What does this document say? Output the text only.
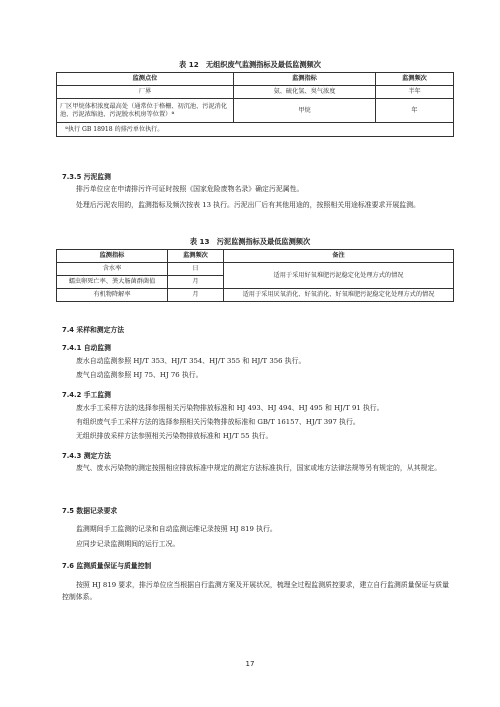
表 12　无组织废气监测指标及最低监测频次
监测点位	监测指标	监测频次
厂界	氨、硫化氢、臭气浓度	半年
厂区甲烷体积浓度最高处（通常位于格栅、初沉池、污泥消化池、污泥浓缩池、污泥脱水机房等位置）ª	甲烷	年
ª执行 GB 18918 的排污单位执行。		
7.3.5 污泥监测
排污单位应在申请排污许可证时按照《国家危险废物名录》确定污泥属性。
处理后污泥农用的，监测指标及频次按表 13 执行。污泥出厂后有其他用途的，按照相关用途标准要求开展监测。
表 13　污泥监测指标及最低监测频次
监测指标	监测频次	备注
含水率	日	适用于采用好氧堆肥污泥稳定化处理方式的情况
蠕虫卵死亡率、粪大肠菌群菌值	月	
有机物降解率	月	适用于采用厌氧消化、好氧消化、好氧堆肥污泥稳定化处理方式的情况
7.4 采样和测定方法
7.4.1 自动监测
废水自动监测参照 HJ/T 353、HJ/T 354、HJ/T 355 和 HJ/T 356 执行。
废气自动监测参照 HJ 75、HJ 76 执行。
7.4.2 手工监测
废水手工采样方法的选择参照相关污染物排放标准和 HJ 493、HJ 494、HJ 495 和 HJ/T 91 执行。
有组织废气手工采样方法的选择参照相关污染物排放标准和 GB/T 16157、HJ/T 397 执行。
无组织排放采样方法参照相关污染物排放标准和 HJ/T 55 执行。
7.4.3 测定方法
废气、废水污染物的测定按照相应排放标准中规定的测定方法标准执行，国家或地方法律法规等另有规定的，从其规定。
7.5 数据记录要求
监测期间手工监测的记录和自动监测运维记录按照 HJ 819 执行。
应同步记录监测期间的运行工况。
7.6 监测质量保证与质量控制
按照 HJ 819 要求，排污单位应当根据自行监测方案及开展状况，梳理全过程监测质控要求，建立自行监测质量保证与质量控制体系。
17
